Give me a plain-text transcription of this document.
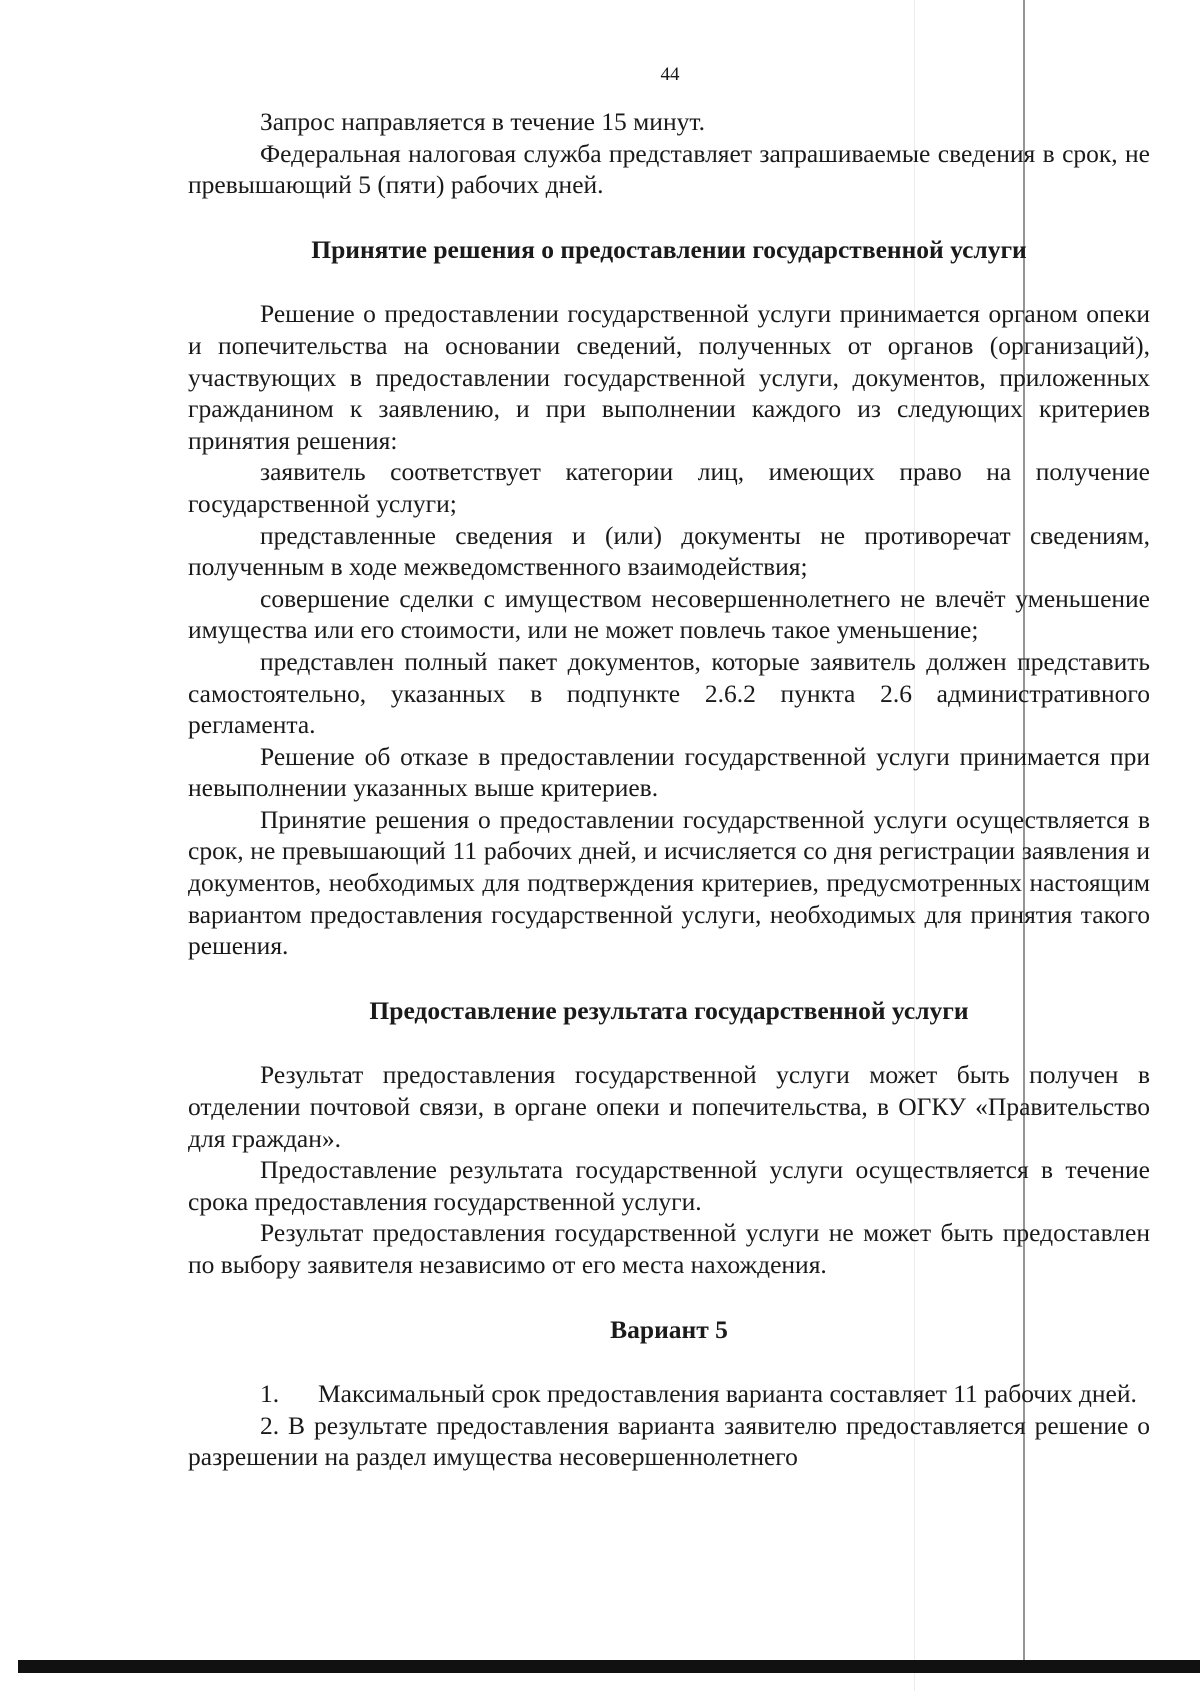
44

Запрос направляется в течение 15 минут.

Федеральная налоговая служба представляет запрашиваемые сведения в срок, не превышающий 5 (пяти) рабочих дней.

Принятие решения о предоставлении государственной услуги

Решение о предоставлении государственной услуги принимается органом опеки и попечительства на основании сведений, полученных от органов (организаций), участвующих в предоставлении государственной услуги, документов, приложенных гражданином к заявлению, и при выполнении каждого из следующих критериев принятия решения:

заявитель соответствует категории лиц, имеющих право на получение государственной услуги;

представленные сведения и (или) документы не противоречат сведениям, полученным в ходе межведомственного взаимодействия;

совершение сделки с имуществом несовершеннолетнего не влечёт уменьшение имущества или его стоимости, или не может повлечь такое уменьшение;

представлен полный пакет документов, которые заявитель должен представить самостоятельно, указанных в подпункте 2.6.2 пункта 2.6 административного регламента.

Решение об отказе в предоставлении государственной услуги принимается при невыполнении указанных выше критериев.

Принятие решения о предоставлении государственной услуги осуществляется в срок, не превышающий 11 рабочих дней, и исчисляется со дня регистрации заявления и документов, необходимых для подтверждения критериев, предусмотренных настоящим вариантом предоставления государственной услуги, необходимых для принятия такого решения.

Предоставление результата государственной услуги

Результат предоставления государственной услуги может быть получен в отделении почтовой связи, в органе опеки и попечительства, в ОГКУ «Правительство для граждан».

Предоставление результата государственной услуги осуществляется в течение срока предоставления государственной услуги.

Результат предоставления государственной услуги не может быть предоставлен по выбору заявителя независимо от его места нахождения.

Вариант 5

1. Максимальный срок предоставления варианта составляет 11 рабочих дней.

2. В результате предоставления варианта заявителю предоставляется решение о разрешении на раздел имущества несовершеннолетнего
